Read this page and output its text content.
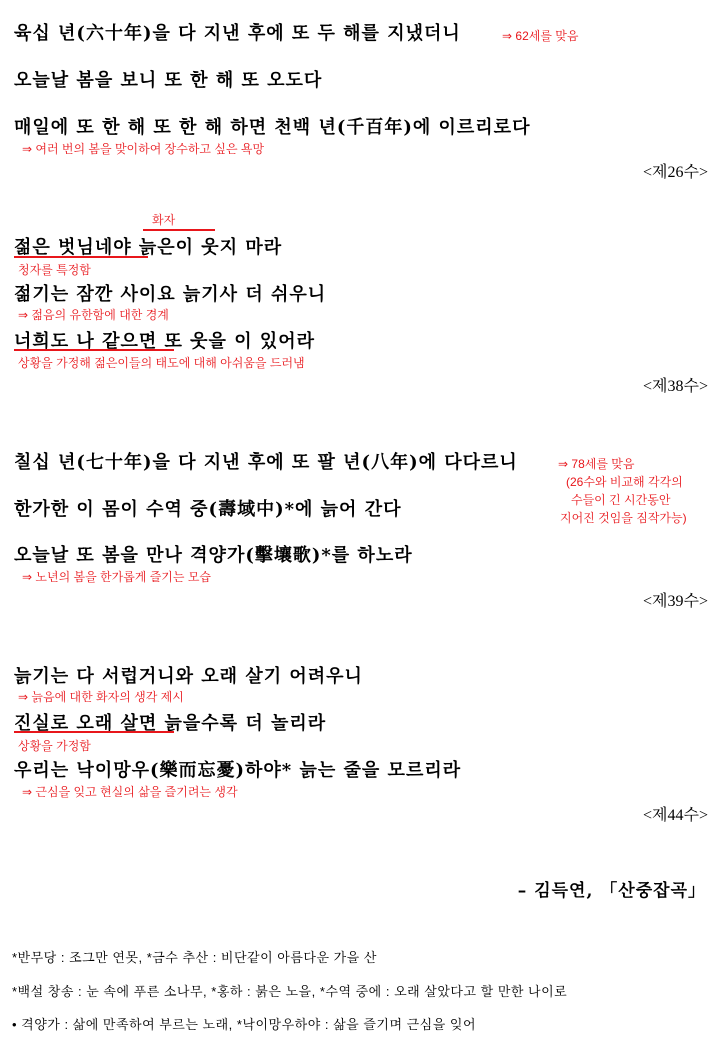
육십 년(六十年)을 다 지낸 후에 또 두 해를 지냈더니	⇒ 62세를 맞음
오늘날 봄을 보니 또 한 해 또 오도다
매일에 또 한 해 또 한 해 하면 천백 년(千百年)에 이르리로다
⇒ 여러 번의 봄을 맞이하여 장수하고 싶은 욕망
<제26수>
화자
젊은 벗님네야 늙은이 웃지 마라
청자를 특정함
젊기는 잠깐 사이요 늙기사 더 쉬우니
⇒ 젊음의 유한함에 대한 경계
너희도 나 같으면 또 웃을 이 있어라
상황을 가정해 젊은이들의 태도에 대해 아쉬움을 드러냄
<제38수>
칠십 년(七十年)을 다 지낸 후에 또 팔 년(八年)에 다다르니	⇒ 78세를 맞음
(26수와 비교해 각각의
수들이 긴 시간동안
지어진 것임을 짐작가능)
한가한 이 몸이 수역 중(壽域中)*에 늙어 간다
오늘날 또 봄을 만나 격양가(擊壤歌)*를 하노라
⇒ 노년의 봄을 한가롭게 즐기는 모습
<제39수>
늙기는 다 서럽거니와 오래 살기 어려우니
⇒ 늙음에 대한 화자의 생각 제시
진실로 오래 살면 늙을수록 더 놀리라
상황을 가정함
우리는 낙이망우(樂而忘憂)하야* 늙는 줄을 모르리라
⇒ 근심을 잊고 현실의 삶을 즐기려는 생각
<제44수>
– 김득연, 「산중잡곡」
*반무당 : 조그만 연못, *금수 추산 : 비단같이 아름다운 가을 산
*백설 창송 : 눈 속에 푸른 소나무, *홍하 : 붉은 노을, *수역 중에 : 오래 살았다고 할 만한 나이로
• 격양가 : 삶에 만족하여 부르는 노래, *낙이망우하야 : 삶을 즐기며 근심을 잊어
